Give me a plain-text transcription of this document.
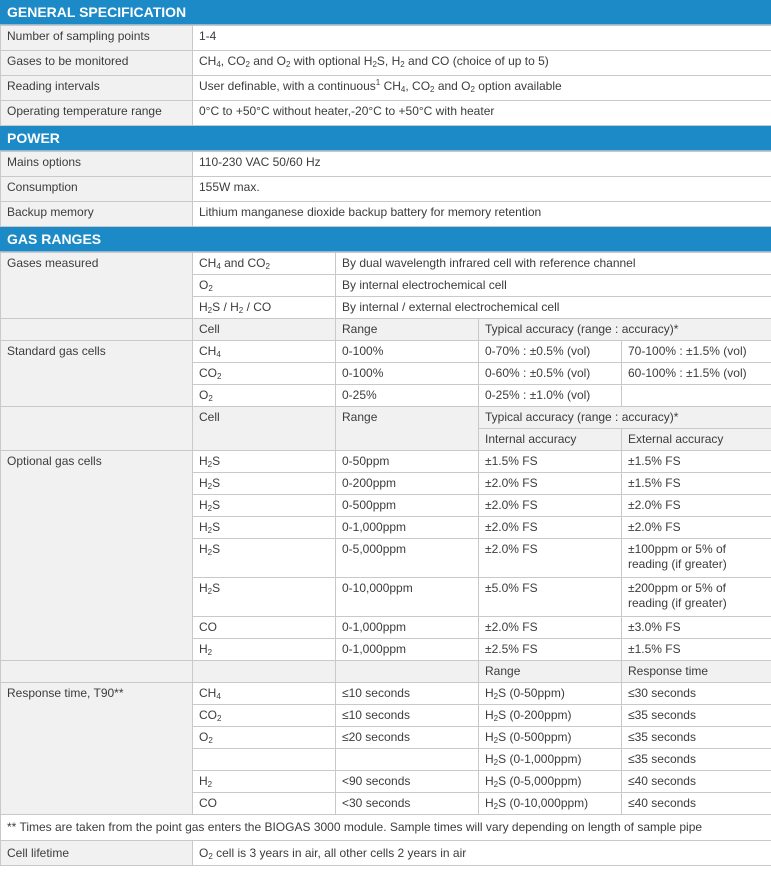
GENERAL SPECIFICATION
Number of sampling points	1-4
Gases to be monitored	$CH_4$, $CO_2$ and $O_2$ with optional $H_2S$, $H_2$ and CO (choice of up to 5)
Reading intervals	User definable, with a continuous$^1$ $CH_4$, $CO_2$ and $O_2$ option available
Operating temperature range	0°C to +50°C without heater,-20°C to +50°C with heater
POWER
Mains options	110-230 VAC 50/60 Hz
Consumption	155W max.
Backup memory	Lithium manganese dioxide backup battery for memory retention
GAS RANGES
Gases measured	$CH_4$ and $CO_2$	By dual wavelength infrared cell with reference channel		
	$O_2$	By internal electrochemical cell		
	$H_2S / H_2$ / CO	By internal / external electrochemical cell		
	Cell	Range	Typical accuracy (range : accuracy)*	
Standard gas cells	$CH_4$	0-100%	0-70% : ±0.5% (vol)	70-100% : ±1.5% (vol)
	$CO_2$	0-100%	0-60% : ±0.5% (vol)	60-100% : ±1.5% (vol)
	$O_2$	0-25%	0-25% : ±1.0% (vol)	
	Cell	Range	Typical accuracy (range : accuracy)*	
			Internal accuracy	External accuracy
Optional gas cells	$H_2S$	0-50ppm	±1.5% FS	±1.5% FS
	$H_2S$	0-200ppm	±2.0% FS	±1.5% FS
	$H_2S$	0-500ppm	±2.0% FS	±2.0% FS
	$H_2S$	0-1,000ppm	±2.0% FS	±2.0% FS
	$H_2S$	0-5,000ppm	±2.0% FS	±100ppm or 5% of reading (if greater)
	$H_2S$	0-10,000ppm	±5.0% FS	±200ppm or 5% of reading (if greater)
	CO	0-1,000ppm	±2.0% FS	±3.0% FS
	$H_2$	0-1,000ppm	±2.5% FS	±1.5% FS
			Range	Response time
Response time, T90**	$CH_4$	≤10 seconds	$H_2S$ (0-50ppm)	≤30 seconds
	$CO_2$	≤10 seconds	$H_2S$ (0-200ppm)	≤35 seconds
	$O_2$	≤20 seconds	$H_2S$ (0-500ppm)	≤35 seconds
			$H_2S$ (0-1,000ppm)	≤35 seconds
	$H_2$	<90 seconds	$H_2S$ (0-5,000ppm)	≤40 seconds
	CO	<30 seconds	$H_2S$ (0-10,000ppm)	≤40 seconds
** Times are taken from the point gas enters the BIOGAS 3000 module. Sample times will vary depending on length of sample pipe				
Cell lifetime	$O_2$ cell is 3 years in air, all other cells 2 years in air			
